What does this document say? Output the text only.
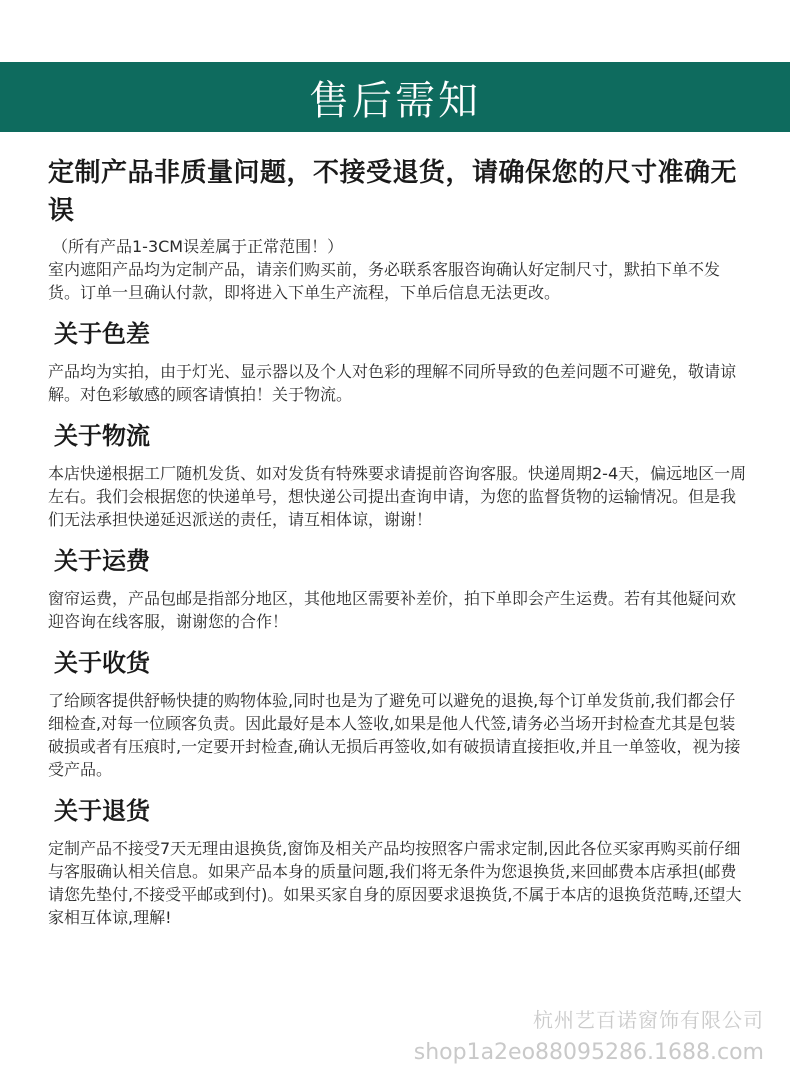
售后需知

定制产品非质量问题，不接受退货，请确保您的尺寸准确无误

（所有产品1-3CM误差属于正常范围！）

室内遮阳产品均为定制产品，请亲们购买前，务必联系客服咨询确认好定制尺寸，默拍下单不发货。订单一旦确认付款，即将进入下单生产流程，下单后信息无法更改。

关于色差

产品均为实拍，由于灯光、显示器以及个人对色彩的理解不同所导致的色差问题不可避免，敬请谅解。对色彩敏感的顾客请慎拍！关于物流。

关于物流

本店快递根据工厂随机发货、如对发货有特殊要求请提前咨询客服。快递周期2-4天，偏远地区一周左右。我们会根据您的快递单号，想快递公司提出查询申请，为您的监督货物的运输情况。但是我们无法承担快递延迟派送的责任，请互相体谅，谢谢！

关于运费

窗帘运费，产品包邮是指部分地区，其他地区需要补差价，拍下单即会产生运费。若有其他疑问欢迎咨询在线客服，谢谢您的合作！

关于收货

了给顾客提供舒畅快捷的购物体验,同时也是为了避免可以避免的退换,每个订单发货前,我们都会仔细检查,对每一位顾客负责。因此最好是本人签收,如果是他人代签,请务必当场开封检查尤其是包装破损或者有压痕时,一定要开封检查,确认无损后再签收,如有破损请直接拒收,并且一单签收，视为接受产品。

关于退货

定制产品不接受7天无理由退换货,窗饰及相关产品均按照客户需求定制,因此各位买家再购买前仔细与客服确认相关信息。如果产品本身的质量问题,我们将无条件为您退换货,来回邮费本店承担(邮费请您先垫付,不接受平邮或到付)。如果买家自身的原因要求退换货,不属于本店的退换货范畴,还望大家相互体谅,理解!

杭州艺百诺窗饰有限公司
shop1a2eo88095286.1688.com
